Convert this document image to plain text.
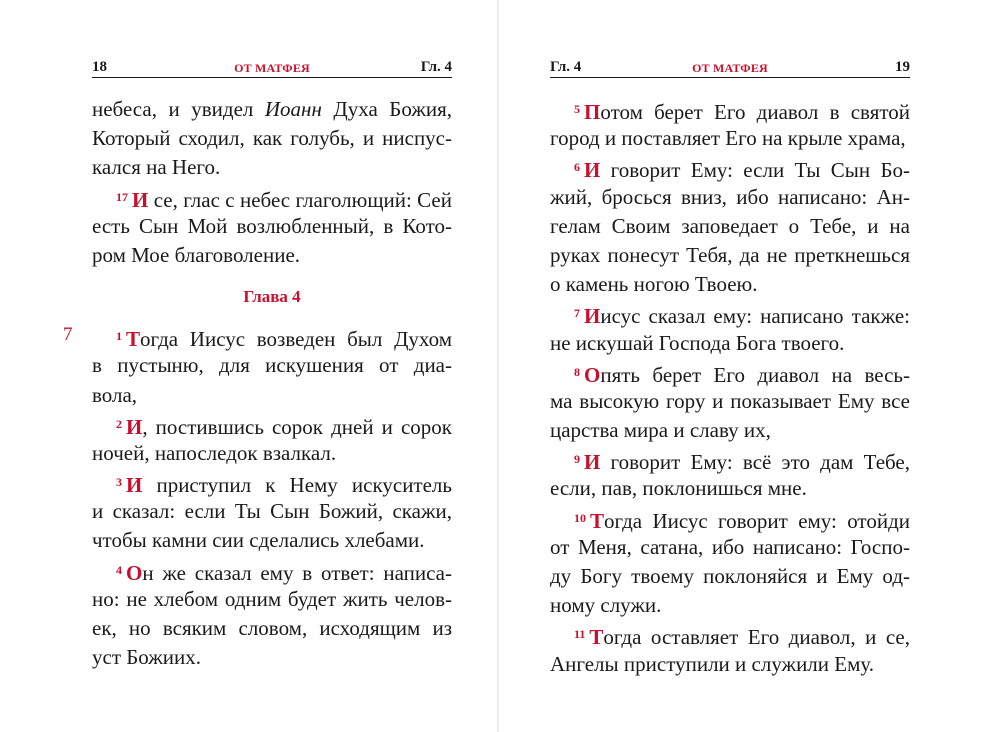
18	ОТ МАТФЕЯ	Гл. 4
небеса, и увидел Иоанн Духа Божия,
Который сходил, как голубь, и ниспус-
кался на Него.
$^{17}$ И се, глас с небес глаголющий: Сей
есть Сын Мой возлюбленный, в Кото-
ром Мое благоволение.
Глава 4
$^1$ Тогда Иисус возведен был Духом
в пустыню, для искушения от диа-
вола,
$^2$ И, постившись сорок дней и сорок
ночей, напоследок взалкал.
$^3$ И приступил к Нему искуситель
и сказал: если Ты Сын Божий, скажи,
чтобы камни сии сделались хлебами.
$^4$ Он же сказал ему в ответ: написа-
но: не хлебом одним будет жить челов-
ек, но всяким словом, исходящим из
уст Божиих.
7
Гл. 4	ОТ МАТФЕЯ	19
$^5$ Потом берет Его диавол в святой
город и поставляет Его на крыле храма,
$^6$ И говорит Ему: если Ты Сын Бо-
жий, бросься вниз, ибо написано: Ан-
гелам Своим заповедает о Тебе, и на
руках понесут Тебя, да не преткнешься
о камень ногою Твоею.
$^7$ Иисус сказал ему: написано также:
не искушай Господа Бога твоего.
$^8$ Опять берет Его диавол на весь-
ма высокую гору и показывает Ему все
царства мира и славу их,
$^9$ И говорит Ему: всё это дам Тебе,
если, пав, поклонишься мне.
$^{10}$ Тогда Иисус говорит ему: отойди
от Меня, сатана, ибо написано: Госпо-
ду Богу твоему поклоняйся и Ему од-
ному служи.
$^{11}$ Тогда оставляет Его диавол, и се,
Ангелы приступили и служили Ему.
